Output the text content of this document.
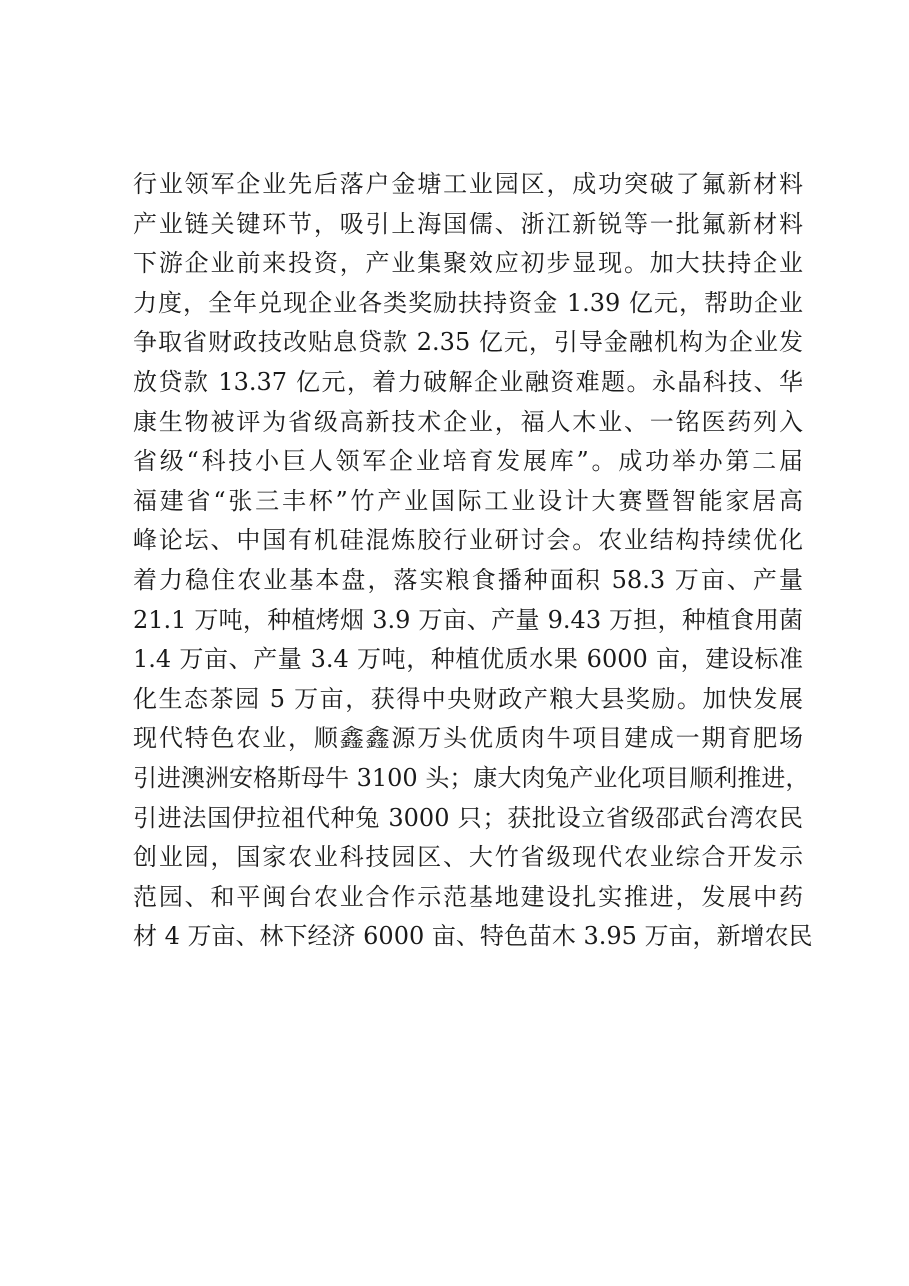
行业领军企业先后落户金塘工业园区，成功突破了氟新材料
产业链关键环节，吸引上海国儒、浙江新锐等一批氟新材料
下游企业前来投资，产业集聚效应初步显现。加大扶持企业
力度，全年兑现企业各类奖励扶持资金 1.39 亿元，帮助企业
争取省财政技改贴息贷款 2.35 亿元，引导金融机构为企业发
放贷款 13.37 亿元，着力破解企业融资难题。永晶科技、华
康生物被评为省级高新技术企业，福人木业、一铭医药列入
省级“科技小巨人领军企业培育发展库”。成功举办第二届
福建省“张三丰杯”竹产业国际工业设计大赛暨智能家居高
峰论坛、中国有机硅混炼胶行业研讨会。农业结构持续优化
着力稳住农业基本盘，落实粮食播种面积 58.3 万亩、产量
21.1 万吨，种植烤烟 3.9 万亩、产量 9.43 万担，种植食用菌
1.4 万亩、产量 3.4 万吨，种植优质水果 6000 亩，建设标准
化生态茶园 5 万亩，获得中央财政产粮大县奖励。加快发展
现代特色农业，顺鑫鑫源万头优质肉牛项目建成一期育肥场
引进澳洲安格斯母牛 3100 头；康大肉兔产业化项目顺利推进，
引进法国伊拉祖代种兔 3000 只；获批设立省级邵武台湾农民
创业园，国家农业科技园区、大竹省级现代农业综合开发示
范园、和平闽台农业合作示范基地建设扎实推进，发展中药
材 4 万亩、林下经济 6000 亩、特色苗木 3.95 万亩，新增农民
